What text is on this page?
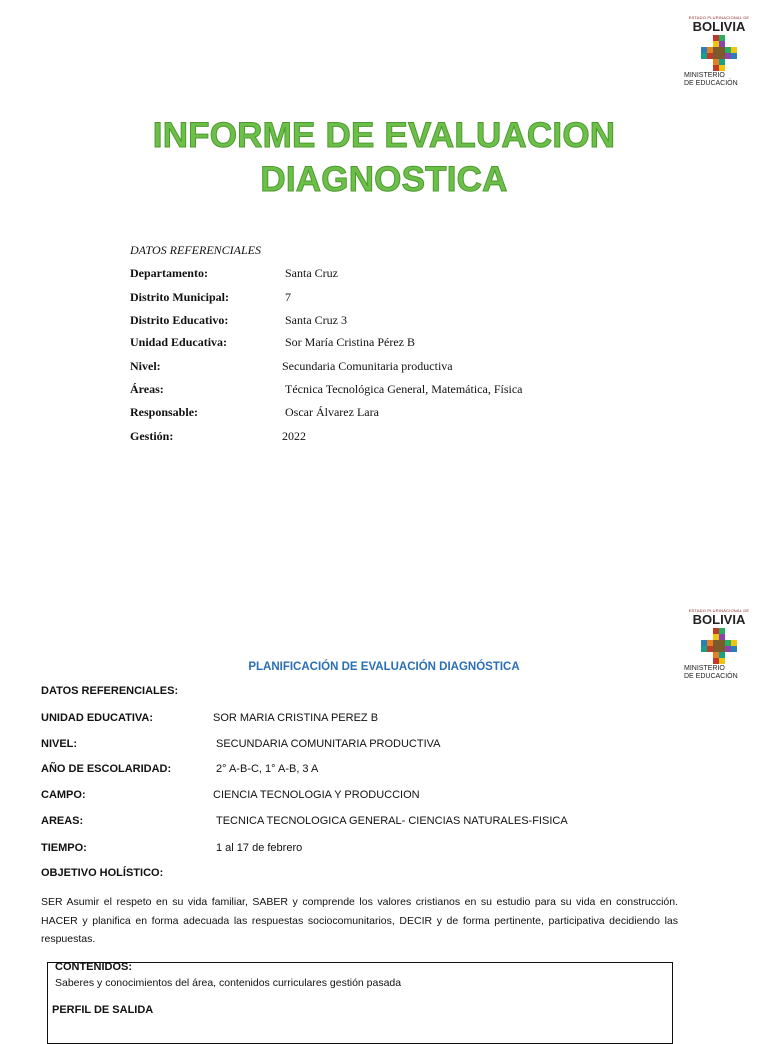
ESTADO PLURINACIONAL DE
BOLIVIA
MINISTERIO
DE EDUCACIÓN
INFORME DE EVALUACION
DIAGNOSTICA
DATOS REFERENCIALES
Departamento:	Santa Cruz
Distrito Municipal:	7
Distrito Educativo:	Santa Cruz 3
Unidad Educativa:	Sor María Cristina Pérez B
Nivel:	Secundaria Comunitaria productiva
Áreas:	Técnica Tecnológica General, Matemática, Física
Responsable:	Oscar Álvarez Lara
Gestión:	2022
ESTADO PLURINACIONAL DE
BOLIVIA
MINISTERIO
DE EDUCACIÓN
PLANIFICACIÓN DE EVALUACIÓN DIAGNÓSTICA
DATOS REFERENCIALES:
UNIDAD EDUCATIVA:	SOR MARIA CRISTINA PEREZ B
NIVEL:	SECUNDARIA COMUNITARIA PRODUCTIVA
AÑO DE ESCOLARIDAD:	2° A-B-C, 1° A-B, 3 A
CAMPO:	CIENCIA TECNOLOGIA Y PRODUCCION
AREAS:	TECNICA TECNOLOGICA GENERAL- CIENCIAS NATURALES-FISICA
TIEMPO:	1 al 17 de febrero
OBJETIVO HOLÍSTICO:
SER Asumir el respeto en su vida familiar, SABER y comprende los valores cristianos en su estudio para su vida en construcción. HACER y planifica en forma adecuada las respuestas sociocomunitarios, DECIR y de forma pertinente, participativa decidiendo las respuestas.
CONTENIDOS:
Saberes y conocimientos del área, contenidos curriculares gestión pasada
PERFIL DE SALIDA
